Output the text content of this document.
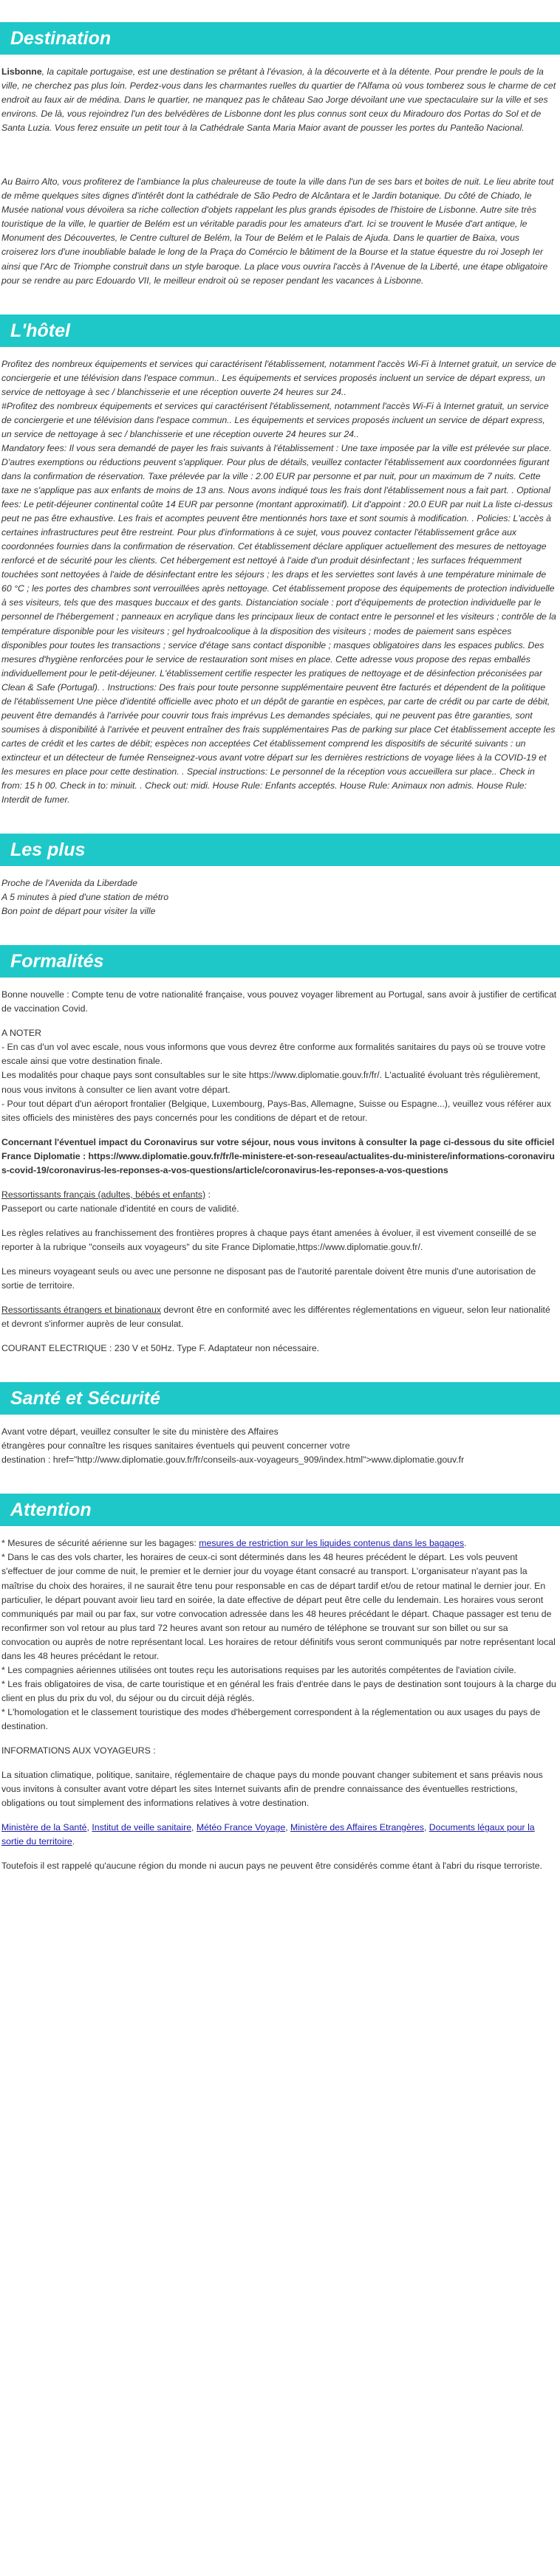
Destination

Lisbonne, la capitale portugaise, est une destination se prêtant à l'évasion, à la découverte et à la détente. Pour prendre le pouls de la ville, ne cherchez pas plus loin. Perdez-vous dans les charmantes ruelles du quartier de l'Alfama où vous tomberez sous le charme de cet endroit au faux air de médina. Dans le quartier, ne manquez pas le château Sao Jorge dévoilant une vue spectaculaire sur la ville et ses environs. De là, vous rejoindrez l'un des belvédères de Lisbonne dont les plus connus sont ceux du Miradouro dos Portas do Sol et de Santa Luzia. Vous ferez ensuite un petit tour à la Cathédrale Santa Maria Maior avant de pousser les portes du Panteão Nacional.

Au Bairro Alto, vous profiterez de l'ambiance la plus chaleureuse de toute la ville dans l'un de ses bars et boites de nuit. Le lieu abrite tout de même quelques sites dignes d'intérêt dont la cathédrale de São Pedro de Alcântara et le Jardin botanique. Du côté de Chiado, le Musée national vous dévoilera sa riche collection d'objets rappelant les plus grands épisodes de l'histoire de Lisbonne. Autre site très touristique de la ville, le quartier de Belém est un véritable paradis pour les amateurs d'art. Ici se trouvent le Musée d'art antique, le Monument des Découvertes, le Centre culturel de Belém, la Tour de Belém et le Palais de Ajuda. Dans le quartier de Baixa, vous croiserez lors d'une inoubliable balade le long de la Praça do Comércio le bâtiment de la Bourse et la statue équestre du roi Joseph Ier ainsi que l'Arc de Triomphe construit dans un style baroque. La place vous ouvrira l'accès à l'Avenue de la Liberté, une étape obligatoire pour se rendre au parc Edouardo VII, le meilleur endroit où se reposer pendant les vacances à Lisbonne.

L'hôtel

Profitez des nombreux équipements et services qui caractérisent l'établissement, notamment l'accès Wi-Fi à Internet gratuit, un service de conciergerie et une télévision dans l'espace commun.. Les équipements et services proposés incluent un service de départ express, un service de nettoyage à sec / blanchisserie et une réception ouverte 24 heures sur 24..
#Profitez des nombreux équipements et services qui caractérisent l'établissement, notamment l'accès Wi-Fi à Internet gratuit, un service de conciergerie et une télévision dans l'espace commun.. Les équipements et services proposés incluent un service de départ express, un service de nettoyage à sec / blanchisserie et une réception ouverte 24 heures sur 24..
Mandatory fees: Il vous sera demandé de payer les frais suivants à l'établissement : Une taxe imposée par la ville est prélevée sur place. D'autres exemptions ou réductions peuvent s'appliquer. Pour plus de détails, veuillez contacter l'établissement aux coordonnées figurant dans la confirmation de réservation. Taxe prélevée par la ville : 2.00 EUR par personne et par nuit, pour un maximum de 7 nuits. Cette taxe ne s'applique pas aux enfants de moins de 13 ans. Nous avons indiqué tous les frais dont l'établissement nous a fait part. . Optional fees: Le petit-déjeuner continental coûte 14 EUR par personne (montant approximatif). Lit d'appoint : 20.0 EUR par nuit La liste ci-dessus peut ne pas être exhaustive. Les frais et acomptes peuvent être mentionnés hors taxe et sont soumis à modification. . Policies: L'accès à certaines infrastructures peut être restreint. Pour plus d'informations à ce sujet, vous pouvez contacter l'établissement grâce aux coordonnées fournies dans la confirmation de réservation. Cet établissement déclare appliquer actuellement des mesures de nettoyage renforcé et de sécurité pour les clients. Cet hébergement est nettoyé à l'aide d'un produit désinfectant ; les surfaces fréquemment touchées sont nettoyées à l'aide de désinfectant entre les séjours ; les draps et les serviettes sont lavés à une température minimale de 60 °C ; les portes des chambres sont verrouillées après nettoyage. Cet établissement propose des équipements de protection individuelle à ses visiteurs, tels que des masques buccaux et des gants. Distanciation sociale : port d'équipements de protection individuelle par le personnel de l'hébergement ; panneaux en acrylique dans les principaux lieux de contact entre le personnel et les visiteurs ; contrôle de la température disponible pour les visiteurs ; gel hydroalcoolique à la disposition des visiteurs ; modes de paiement sans espèces disponibles pour toutes les transactions ; service d'étage sans contact disponible ; masques obligatoires dans les espaces publics. Des mesures d'hygiène renforcées pour le service de restauration sont mises en place. Cette adresse vous propose des repas emballés individuellement pour le petit-déjeuner. L'établissement certifie respecter les pratiques de nettoyage et de désinfection préconisées par Clean & Safe (Portugal). . Instructions: Des frais pour toute personne supplémentaire peuvent être facturés et dépendent de la politique de l'établissement Une pièce d'identité officielle avec photo et un dépôt de garantie en espèces, par carte de crédit ou par carte de débit, peuvent être demandés à l'arrivée pour couvrir tous frais imprévus Les demandes spéciales, qui ne peuvent pas être garanties, sont soumises à disponibilité à l'arrivée et peuvent entraîner des frais supplémentaires Pas de parking sur place Cet établissement accepte les cartes de crédit et les cartes de débit; espèces non acceptées Cet établissement comprend les dispositifs de sécurité suivants : un extincteur et un détecteur de fumée Renseignez-vous avant votre départ sur les dernières restrictions de voyage liées à la COVID-19 et les mesures en place pour cette destination. . Special instructions: Le personnel de la réception vous accueillera sur place.. Check in from: 15 h 00. Check in to: minuit. . Check out: midi. House Rule: Enfants acceptés. House Rule: Animaux non admis. House Rule: Interdit de fumer.

Les plus

Proche de l'Avenida da Liberdade

A 5 minutes à pied d'une station de métro

Bon point de départ pour visiter la ville

Formalités

Bonne nouvelle : Compte tenu de votre nationalité française, vous pouvez voyager librement au Portugal, sans avoir à justifier de certificat de vaccination Covid.

A NOTER

- En cas d'un vol avec escale, nous vous informons que vous devrez être conforme aux formalités sanitaires du pays où se trouve votre escale ainsi que votre destination finale.
Les modalités pour chaque pays sont consultables sur le site https://www.diplomatie.gouv.fr/fr/. L'actualité évoluant très régulièrement, nous vous invitons à consulter ce lien avant votre départ.
- Pour tout départ d'un aéroport frontalier (Belgique, Luxembourg, Pays-Bas, Allemagne, Suisse ou Espagne...), veuillez vous référer aux sites officiels des ministères des pays concernés pour les conditions de départ et de retour.

Concernant l'éventuel impact du Coronavirus sur votre séjour, nous vous invitons à consulter la page ci-dessous du site officiel France Diplomatie : https://www.diplomatie.gouv.fr/fr/le-ministere-et-son-reseau/actualites-du-ministere/informations-coronavirus-covid-19/coronavirus-les-reponses-a-vos-questions/article/coronavirus-les-reponses-a-vos-questions

Ressortissants français (adultes, bébés et enfants) :
Passeport ou carte nationale d'identité en cours de validité.

Les règles relatives au franchissement des frontières propres à chaque pays étant amenées à évoluer, il est vivement conseillé de se reporter à la rubrique "conseils aux voyageurs" du site France Diplomatie,https://www.diplomatie.gouv.fr/.

Les mineurs voyageant seuls ou avec une personne ne disposant pas de l'autorité parentale doivent être munis d'une autorisation de sortie de territoire.

Ressortissants étrangers et binationaux devront être en conformité avec les différentes réglementations en vigueur, selon leur nationalité et devront s'informer auprès de leur consulat.

COURANT ELECTRIQUE : 230 V et 50Hz. Type F. Adaptateur non nécessaire.

Santé et Sécurité

Avant votre départ, veuillez consulter le site du ministère des Affaires
étrangères pour connaître les risques sanitaires éventuels qui peuvent concerner votre
destination : href="http://www.diplomatie.gouv.fr/fr/conseils-aux-voyageurs_909/index.html">www.diplomatie.gouv.fr

Attention

* Mesures de sécurité aérienne sur les bagages: mesures de restriction sur les liquides contenus dans les bagages.

* Dans le cas des vols charter, les horaires de ceux-ci sont déterminés dans les 48 heures précédent le départ. Les vols peuvent s'effectuer de jour comme de nuit, le premier et le dernier jour du voyage étant consacré au transport. L'organisateur n'ayant pas la maîtrise du choix des horaires, il ne saurait être tenu pour responsable en cas de départ tardif et/ou de retour matinal le dernier jour. En particulier, le départ pouvant avoir lieu tard en soirée, la date effective de départ peut être celle du lendemain. Les horaires vous seront communiqués par mail ou par fax, sur votre convocation adressée dans les 48 heures précédant le départ. Chaque passager est tenu de reconfirmer son vol retour au plus tard 72 heures avant son retour au numéro de téléphone se trouvant sur son billet ou sur sa convocation ou auprès de notre représentant local. Les horaires de retour définitifs vous seront communiqués par notre représentant local dans les 48 heures précédant le retour.
* Les compagnies aériennes utilisées ont toutes reçu les autorisations requises par les autorités compétentes de l'aviation civile.
* Les frais obligatoires de visa, de carte touristique et en général les frais d'entrée dans le pays de destination sont toujours à la charge du client en plus du prix du vol, du séjour ou du circuit déjà réglés.
* L'homologation et le classement touristique des modes d'hébergement correspondent à la réglementation ou aux usages du pays de destination.

INFORMATIONS AUX VOYAGEURS :

La situation climatique, politique, sanitaire, réglementaire de chaque pays du monde pouvant changer subitement et sans préavis nous vous invitons à consulter avant votre départ les sites Internet suivants afin de prendre connaissance des éventuelles restrictions, obligations ou tout simplement des informations relatives à votre destination.

Ministère de la Santé, Institut de veille sanitaire, Météo France Voyage, Ministère des Affaires Etrangères, Documents légaux pour la sortie du territoire.

Toutefois il est rappelé qu'aucune région du monde ni aucun pays ne peuvent être considérés comme étant à l'abri du risque terroriste.
